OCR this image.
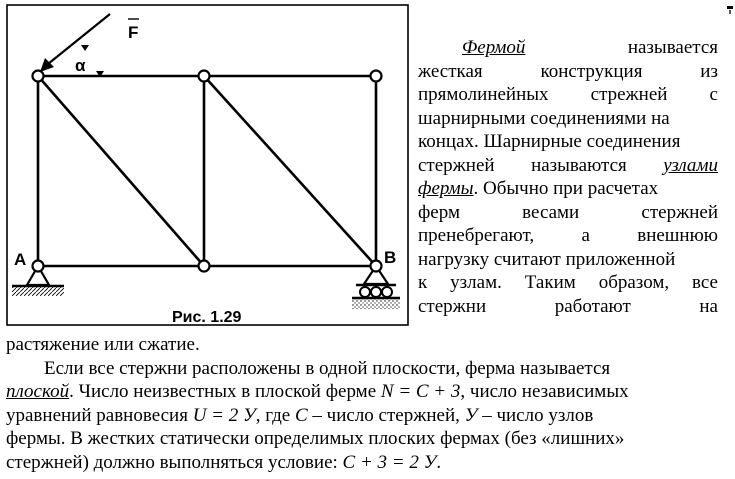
F
α
A	B
Рис. 1.29
Фермой	называется
жесткая	конструкция	из
прямолинейных стрежней с
шарнирными соединениями на
концах. Шарнирные соединения
стержней называются узлами
фермы. Обычно при расчетах
ферм	весами	стержней
пренебрегают, а внешнюю
нагрузку считают приложенной
к узлам. Таким образом, все
стержни	работают	на
растяжение или сжатие.
Если все стержни расположены в одной плоскости, ферма называется
плоской. Число неизвестных в плоской ферме N = C + 3, число независимых
уравнений равновесия U = 2 У, где C – число стержней, У – число узлов
фермы. В жестких статически определимых плоских фермах (без «лишних»
стержней) должно выполняться условие: C + 3 = 2 У.
